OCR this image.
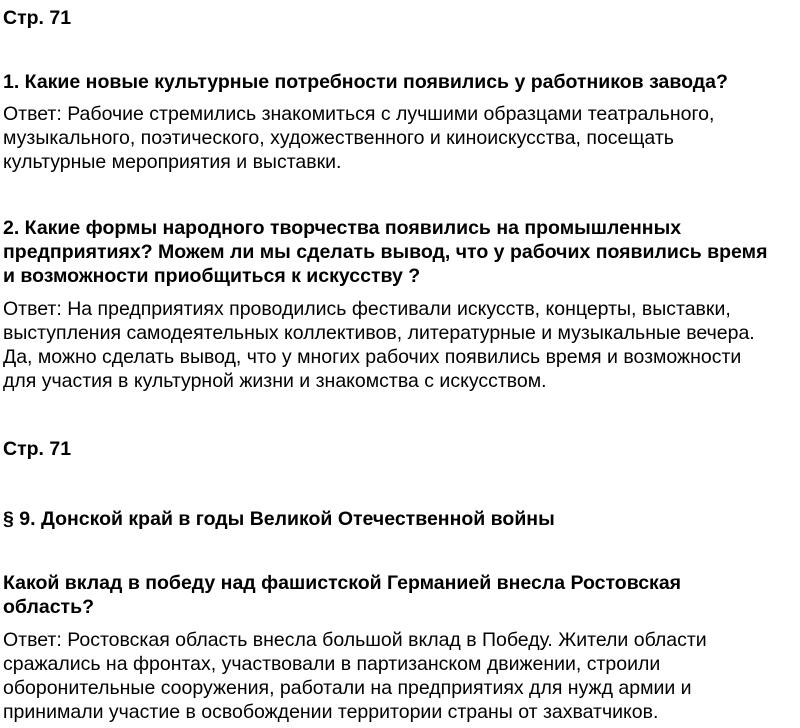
Стр. 71
1. Какие новые культурные потребности появились у работников завода?
Ответ: Рабочие стремились знакомиться с лучшими образцами театрального,
музыкального, поэтического, художественного и киноискусства, посещать
культурные мероприятия и выставки.
2. Какие формы народного творчества появились на промышленных
предприятиях? Можем ли мы сделать вывод, что у рабочих появились время
и возможности приобщиться к искусству ?
Ответ: На предприятиях проводились фестивали искусств, концерты, выставки,
выступления самодеятельных коллективов, литературные и музыкальные вечера.
Да, можно сделать вывод, что у многих рабочих появились время и возможности
для участия в культурной жизни и знакомства с искусством.
Стр. 71
§ 9. Донской край в годы Великой Отечественной войны
Какой вклад в победу над фашистской Германией внесла Ростовская
область?
Ответ: Ростовская область внесла большой вклад в Победу. Жители области
сражались на фронтах, участвовали в партизанском движении, строили
оборонительные сооружения, работали на предприятиях для нужд армии и
принимали участие в освобождении территории страны от захватчиков.
